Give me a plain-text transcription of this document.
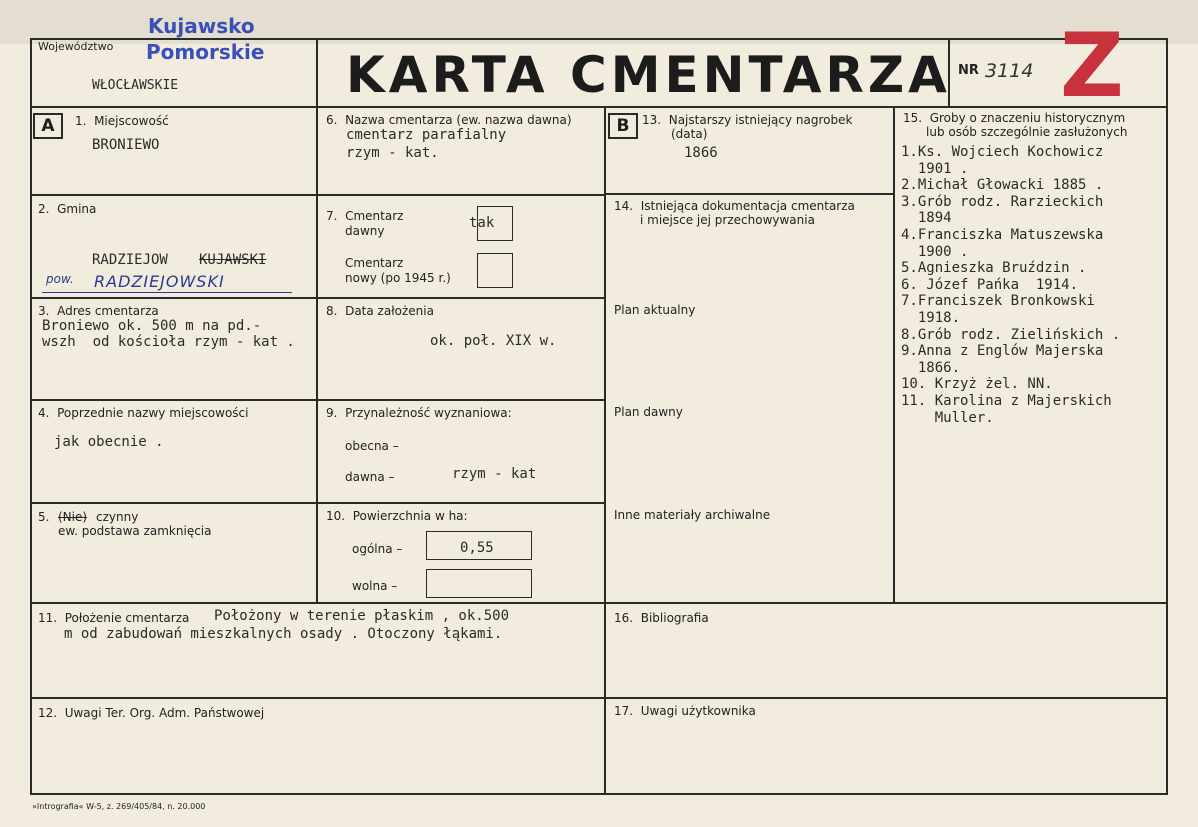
Kujawsko
Pomorskie
Województwo
WŁOCŁAWSKIE	KARTA CMENTARZA NR 3114 Z
A	B
1.  Miejscowość
BRONIEWO
2.  Gmina
RADZIEJOW KUJAWSKI
pow. RADZIEJOWSKI
3.  Adres cmentarza
Broniewo ok. 500 m na pd.-
wszh  od kościoła rzym - kat .
4.  Poprzednie nazwy miejscowości
jak obecnie .
5. (Nie) czynny
ew. podstawa zamknięcia
6.  Nazwa cmentarza (ew. nazwa dawna)
cmentarz parafialny
rzym - kat.
7.  Cmentarz
dawny	tak
Cmentarz
nowy (po 1945 r.)
8.  Data założenia
ok. poł. XIX w.
9.  Przynależność wyznaniowa:
obecna –
dawna –	rzym - kat
10.  Powierzchnia w ha:
ogólna –	0,55
wolna –
11.  Położenie cmentarza Położony w terenie płaskim , ok.500
m od zabudowań mieszkalnych osady . Otoczony łąkami.
12.  Uwagi Ter. Org. Adm. Państwowej
13.  Najstarszy istniejący nagrobek
(data)
1866
14.  Istniejąca dokumentacja cmentarza
i miejsce jej przechowywania
Plan aktualny
Plan dawny
Inne materiały archiwalne
15.  Groby o znaczeniu historycznym
lub osób szczególnie zasłużonych
1.Ks. Wojciech Kochowicz
1901 .
2.Michał Głowacki 1885 .
3.Grób rodz. Rarzieckich
1894
4.Franciszka Matuszewska
1900 .
5.Agnieszka Bruździn .
6. Józef Pańka  1914.
7.Franciszek Bronkowski
1918.
8.Grób rodz. Zielińskich .
9.Anna z Englów Majerska
1866.
10. Krzyż żel. NN.
11. Karolina z Majerskich
Muller.
16.  Bibliografia
17.  Uwagi użytkownika
»Intrografia« W-5, z. 269/405/84, n. 20.000
